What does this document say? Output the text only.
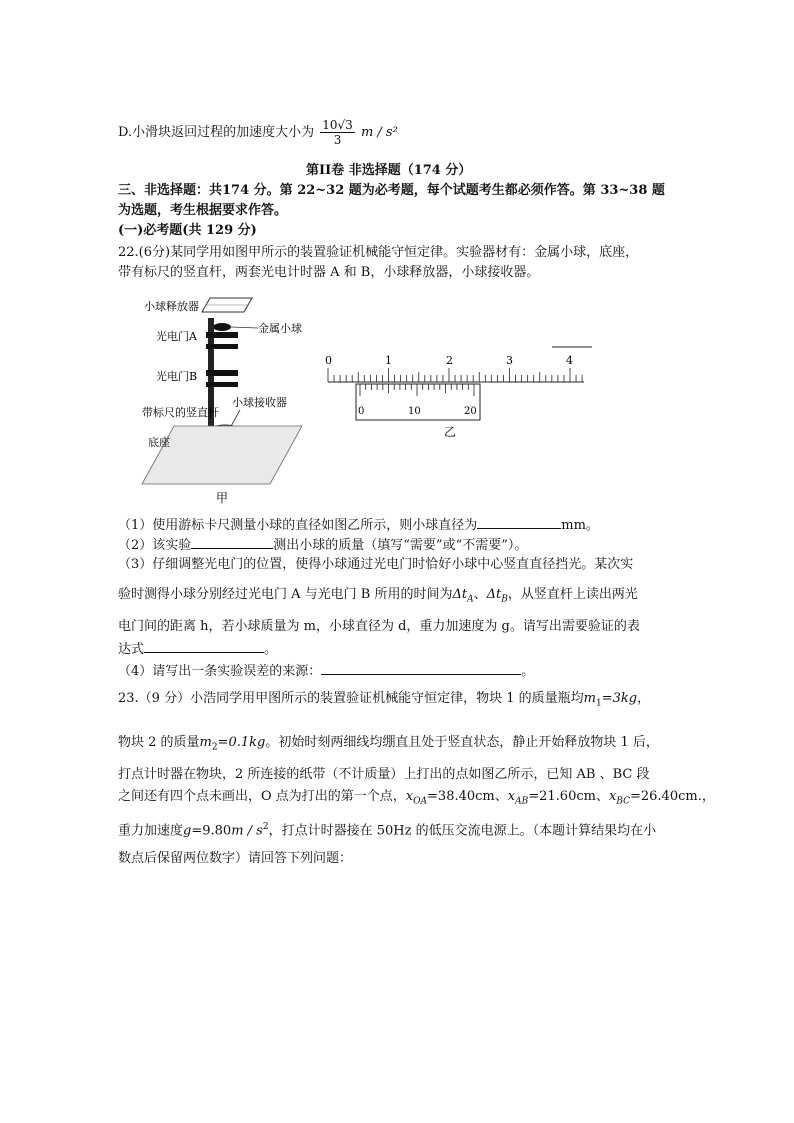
D.小滑块返回过程的加速度大小为 $\frac{10√3}{3}$ m / s²
第II卷 非选择题（174 分）
三、非选择题：共174 分。第 22~32 题为必考题，每个试题考生都必须作答。第 33~38 题
为选题，考生根据要求作答。
(一)必考题(共 129 分)
22.(6分)某同学用如图甲所示的装置验证机械能守恒定律。实验器材有：金属小球，底座，
带有标尺的竖直杆，两套光电计时器 A 和 B，小球释放器，小球接收器。
小球释放器
金属小球
光电门A
光电门B
带标尺的竖直杆
小球接收器
底座
甲
0	1	2	3	4
0	10	20
乙
（1）使用游标卡尺测量小球的直径如图乙所示，则小球直径为	mm。
（2）该实验	测出小球的质量（填写“需要”或“不需要”）。
（3）仔细调整光电门的位置，使得小球通过光电门时恰好小球中心竖直直径挡光。某次实
验时测得小球分别经过光电门 A 与光电门 B 所用的时间为$\Delta t_A$、$\Delta t_B$，从竖直杆上读出两光
电门间的距离 h，若小球质量为 m，小球直径为 d，重力加速度为 g。请写出需要验证的表
达式	。
（4）请写出一条实验误差的来源：	。
23.（9 分）小浩同学用甲图所示的装置验证机械能守恒定律，物块 1 的质量瓶均$m_1=3kg$，
物块 2 的质量$m_2=0.1kg$。初始时刻两细线均绷直且处于竖直状态，静止开始释放物块 1 后，
打点计时器在物块，2 所连接的纸带（不计质量）上打出的点如图乙所示，已知 AB 、BC 段
之间还有四个点未画出，O 点为打出的第一个点，$x_{OA}=38.40cm$、$x_{AB}=21.60cm$、$x_{BC}=26.40cm$.，
重力加速度$g=9.80m / s^2$，打点计时器接在 50Hz 的低压交流电源上。（本题计算结果均在小
数点后保留两位数字）请回答下列问题：
